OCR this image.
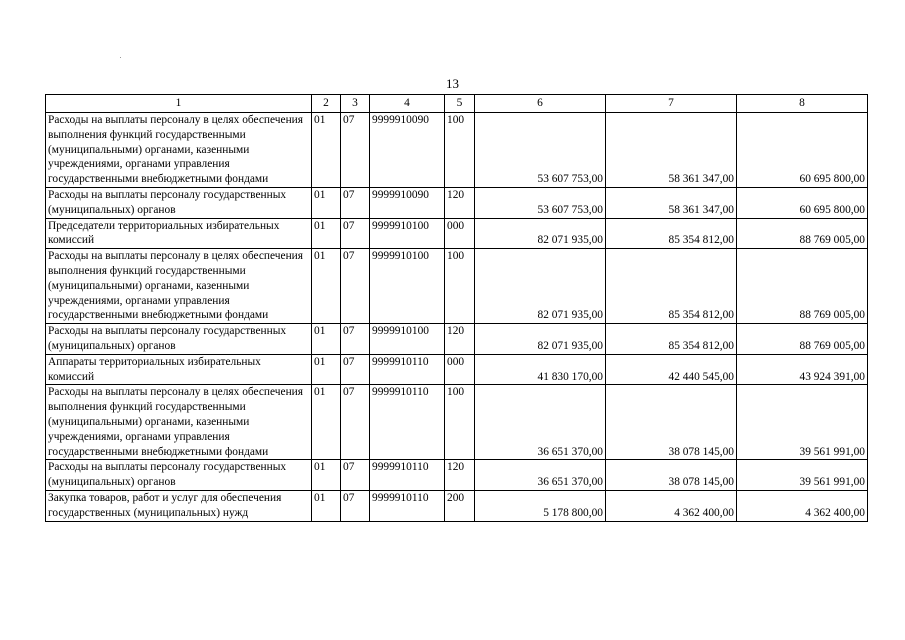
13
1	2	3	4	5	6	7	8
Расходы на выплаты персоналу в целях обеспечения выполнения функций государственными (муниципальными) органами, казенными учреждениями, органами управления государственными внебюджетными фондами	01	07	9999910090	100	53 607 753,00	58 361 347,00	60 695 800,00
Расходы на выплаты персоналу государственных (муниципальных) органов	01	07	9999910090	120	53 607 753,00	58 361 347,00	60 695 800,00
Председатели территориальных избирательных комиссий	01	07	9999910100	000	82 071 935,00	85 354 812,00	88 769 005,00
Расходы на выплаты персоналу в целях обеспечения выполнения функций государственными (муниципальными) органами, казенными учреждениями, органами управления государственными внебюджетными фондами	01	07	9999910100	100	82 071 935,00	85 354 812,00	88 769 005,00
Расходы на выплаты персоналу государственных (муниципальных) органов	01	07	9999910100	120	82 071 935,00	85 354 812,00	88 769 005,00
Аппараты территориальных избирательных комиссий	01	07	9999910110	000	41 830 170,00	42 440 545,00	43 924 391,00
Расходы на выплаты персоналу в целях обеспечения выполнения функций государственными (муниципальными) органами, казенными учреждениями, органами управления государственными внебюджетными фондами	01	07	9999910110	100	36 651 370,00	38 078 145,00	39 561 991,00
Расходы на выплаты персоналу государственных (муниципальных) органов	01	07	9999910110	120	36 651 370,00	38 078 145,00	39 561 991,00
Закупка товаров, работ и услуг для обеспечения государственных (муниципальных) нужд	01	07	9999910110	200	5 178 800,00	4 362 400,00	4 362 400,00
